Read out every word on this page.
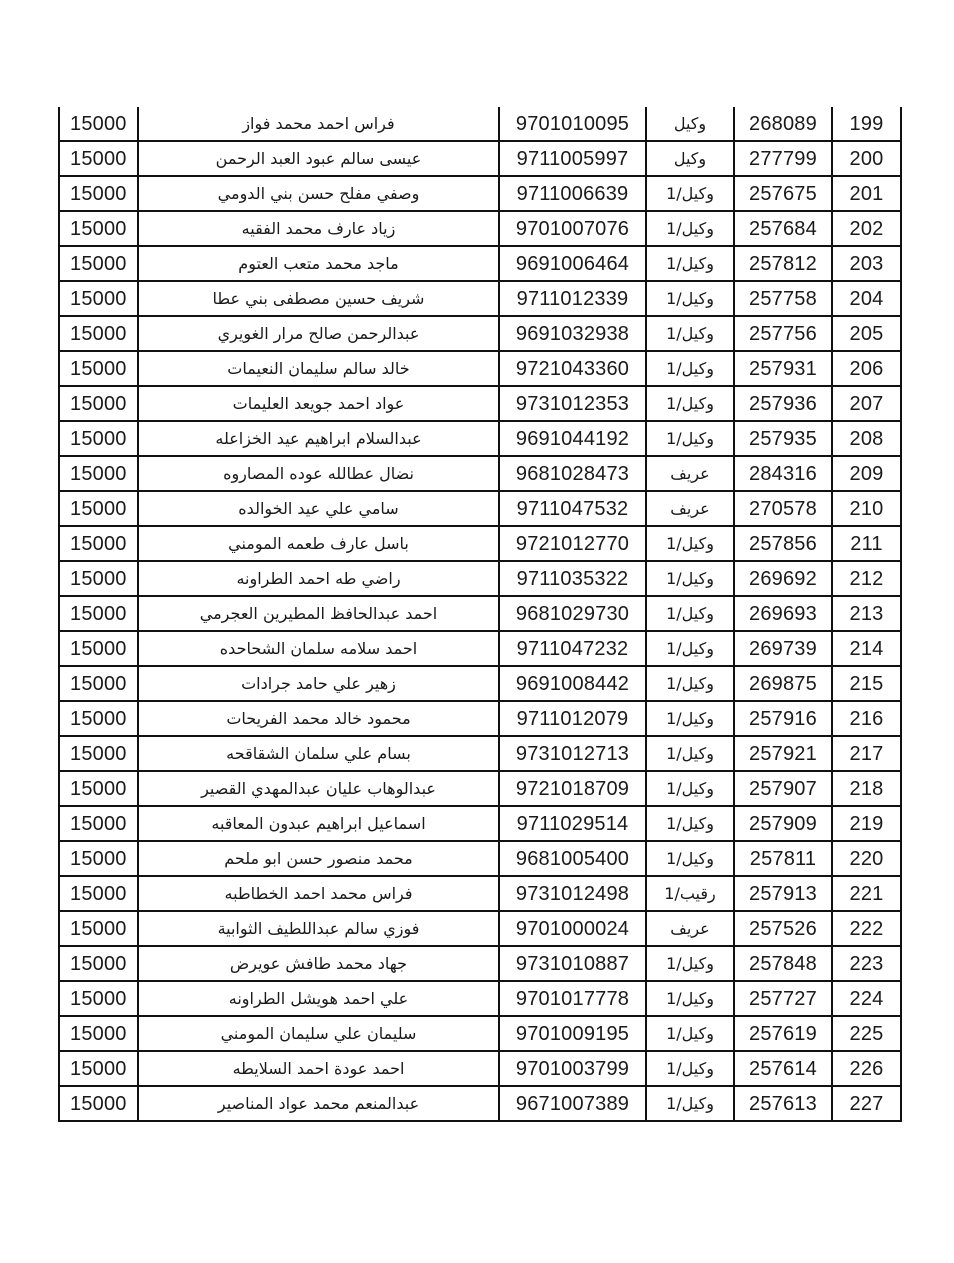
15000	فراس احمد محمد فواز	9701010095	وكيل	268089	199
15000	عيسى سالم عبود العبد الرحمن	9711005997	وكيل	277799	200
15000	وصفي مفلح حسن بني الدومي	9711006639	وكيل/1	257675	201
15000	زياد عارف محمد الفقيه	9701007076	وكيل/1	257684	202
15000	ماجد محمد متعب العتوم	9691006464	وكيل/1	257812	203
15000	شريف حسين مصطفى بني عطا	9711012339	وكيل/1	257758	204
15000	عبدالرحمن صالح مرار الغويري	9691032938	وكيل/1	257756	205
15000	خالد سالم سليمان النعيمات	9721043360	وكيل/1	257931	206
15000	عواد احمد جويعد العليمات	9731012353	وكيل/1	257936	207
15000	عبدالسلام ابراهيم عيد الخزاعله	9691044192	وكيل/1	257935	208
15000	نضال عطالله عوده المصاروه	9681028473	عريف	284316	209
15000	سامي علي عيد الخوالده	9711047532	عريف	270578	210
15000	باسل عارف طعمه المومني	9721012770	وكيل/1	257856	211
15000	راضي طه احمد الطراونه	9711035322	وكيل/1	269692	212
15000	احمد عبدالحافظ المطيرين العجرمي	9681029730	وكيل/1	269693	213
15000	احمد سلامه سلمان الشحاحده	9711047232	وكيل/1	269739	214
15000	زهير علي حامد جرادات	9691008442	وكيل/1	269875	215
15000	محمود خالد محمد الفريحات	9711012079	وكيل/1	257916	216
15000	بسام علي سلمان الشقاقحه	9731012713	وكيل/1	257921	217
15000	عبدالوهاب عليان عبدالمهدي القصير	9721018709	وكيل/1	257907	218
15000	اسماعيل ابراهيم عبدون المعاقبه	9711029514	وكيل/1	257909	219
15000	محمد منصور حسن ابو ملحم	9681005400	وكيل/1	257811	220
15000	فراس محمد احمد الخطاطبه	9731012498	رقيب/1	257913	221
15000	فوزي سالم عبداللطيف الثوابية	9701000024	عريف	257526	222
15000	جهاد محمد طافش عويرض	9731010887	وكيل/1	257848	223
15000	علي احمد هويشل الطراونه	9701017778	وكيل/1	257727	224
15000	سليمان علي سليمان المومني	9701009195	وكيل/1	257619	225
15000	احمد عودة احمد السلايطه	9701003799	وكيل/1	257614	226
15000	عبدالمنعم محمد عواد المناصير	9671007389	وكيل/1	257613	227
